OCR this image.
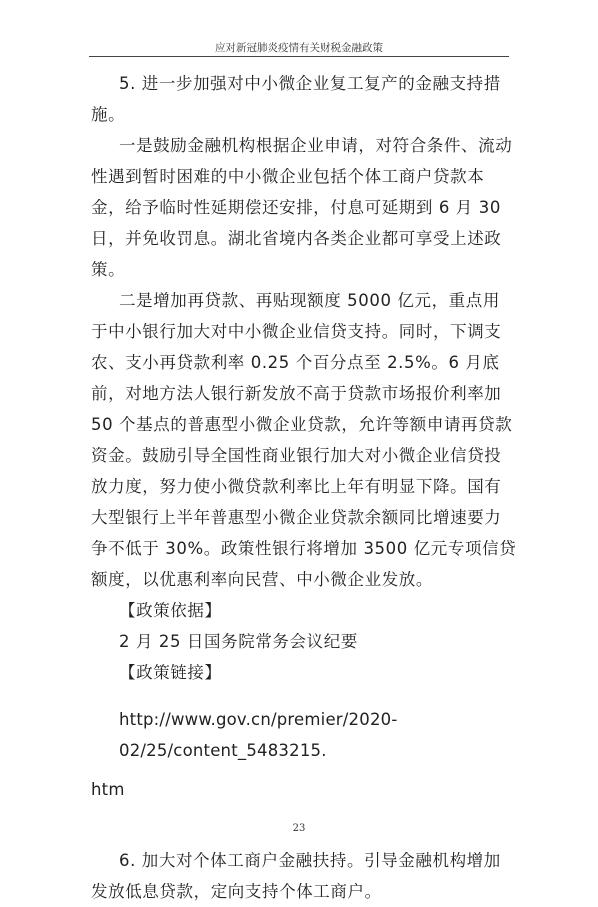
应对新冠肺炎疫情有关财税金融政策

5. 进一步加强对中小微企业复工复产的金融支持措施。

一是鼓励金融机构根据企业申请，对符合条件、流动性遇到暂时困难的中小微企业包括个体工商户贷款本金，给予临时性延期偿还安排，付息可延期到 6 月 30 日，并免收罚息。湖北省境内各类企业都可享受上述政策。

二是增加再贷款、再贴现额度 5000 亿元，重点用于中小银行加大对中小微企业信贷支持。同时，下调支农、支小再贷款利率 0.25 个百分点至 2.5%。6 月底前，对地方法人银行新发放不高于贷款市场报价利率加 50 个基点的普惠型小微企业贷款，允许等额申请再贷款资金。鼓励引导全国性商业银行加大对小微企业信贷投放力度，努力使小微贷款利率比上年有明显下降。国有大型银行上半年普惠型小微企业贷款余额同比增速要力争不低于 30%。政策性银行将增加 3500 亿元专项信贷额度，以优惠利率向民营、中小微企业发放。

【政策依据】

2 月 25 日国务院常务会议纪要

【政策链接】

http://www.gov.cn/premier/2020-02/25/content_5483215.

htm

6. 加大对个体工商户金融扶持。引导金融机构增加发放低息贷款，定向支持个体工商户。

23
